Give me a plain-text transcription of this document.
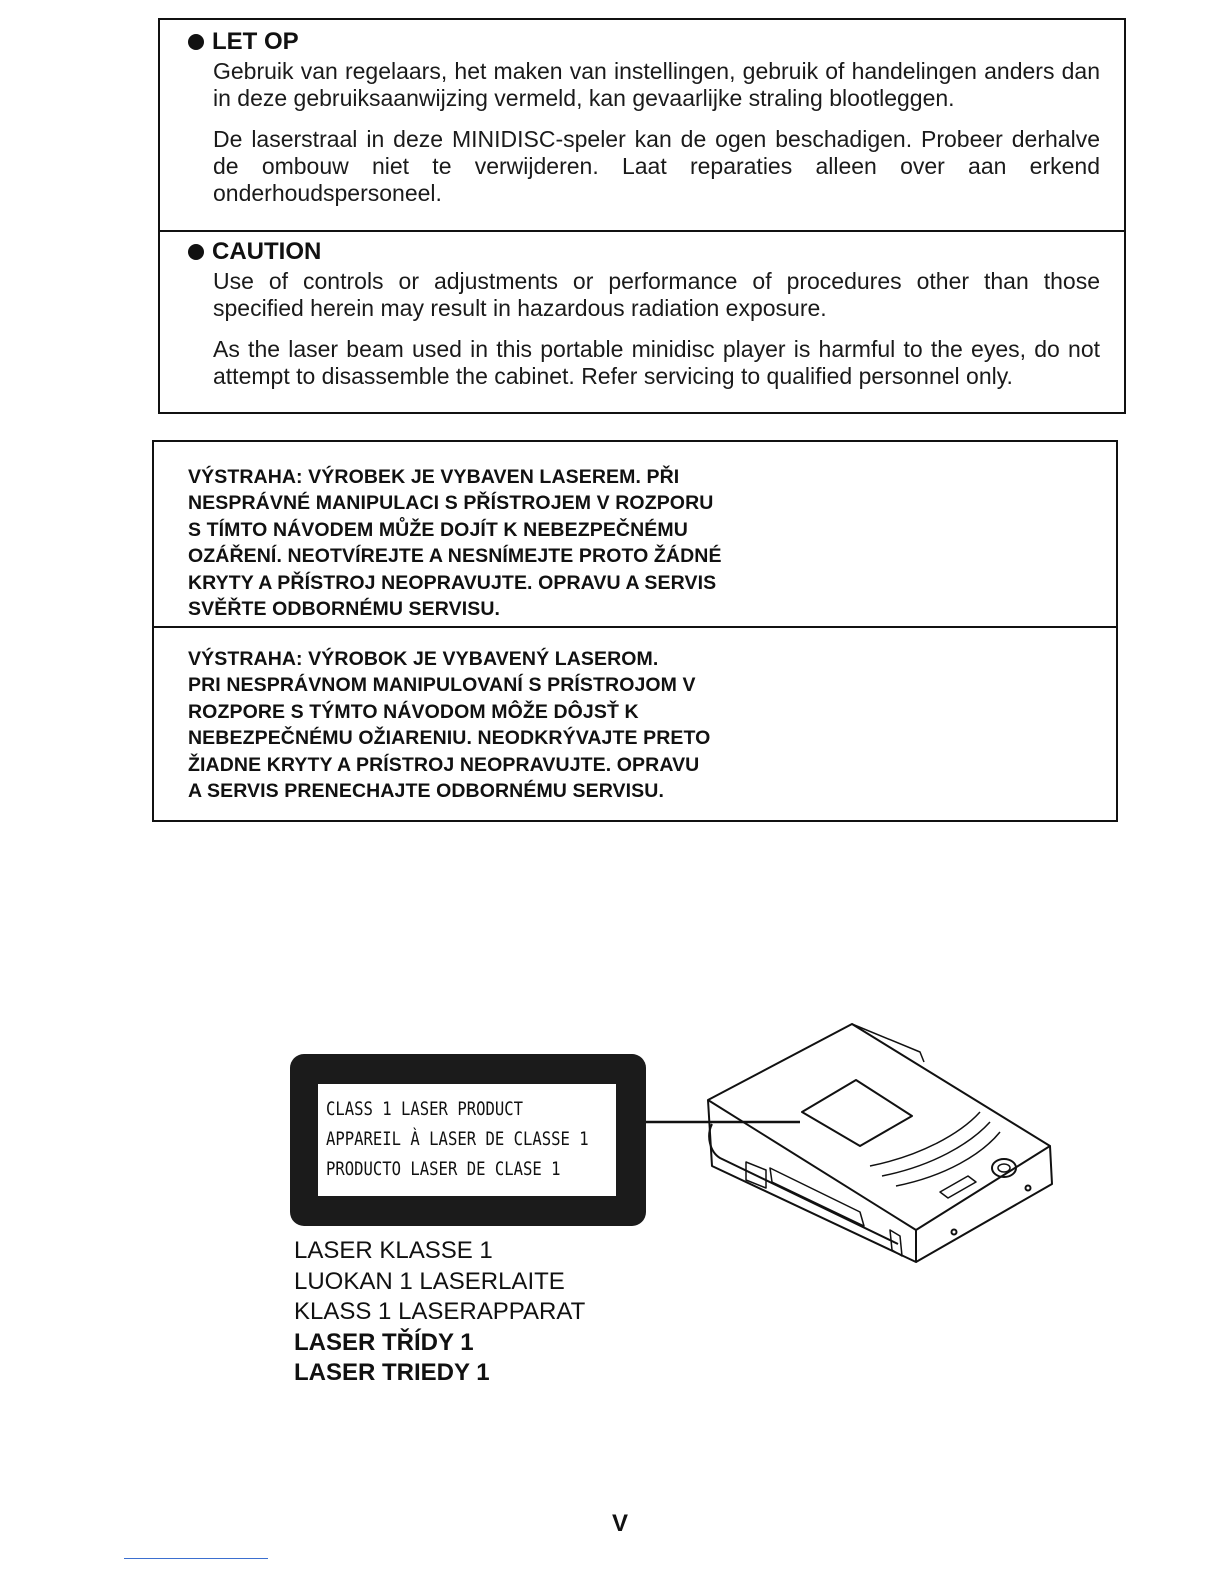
LET OP

Gebruik van regelaars, het maken van instellingen, gebruik of handelingen anders dan in deze gebruiksaanwijzing vermeld, kan gevaarlijke straling blootleggen.

De laserstraal in deze MINIDISC-speler kan de ogen beschadigen. Probeer derhalve de ombouw niet te verwijderen. Laat reparaties alleen over aan erkend onderhoudspersoneel.

CAUTION

Use of controls or adjustments or performance of procedures other than those specified herein may result in hazardous radiation exposure.

As the laser beam used in this portable minidisc player is harmful to the eyes, do not attempt to disassemble the cabinet. Refer servicing to qualified personnel only.

VÝSTRAHA: VÝROBEK JE VYBAVEN LASEREM. PŘI
NESPRÁVNÉ MANIPULACI S PŘÍSTROJEM V ROZPORU
S TÍMTO NÁVODEM MŮŽE DOJÍT K NEBEZPEČNÉMU
OZÁŘENÍ. NEOTVÍREJTE A NESNÍMEJTE PROTO ŽÁDNÉ
KRYTY A PŘÍSTROJ NEOPRAVUJTE. OPRAVU A SERVIS
SVĚŘTE ODBORNÉMU SERVISU.
VÝSTRAHA: VÝROBOK JE VYBAVENÝ LASEROM.
PRI NESPRÁVNOM MANIPULOVANÍ S PRÍSTROJOM V
ROZPORE S TÝMTO NÁVODOM MÔŽE DÔJSŤ K
NEBEZPEČNÉMU OŽIARENIU. NEODKRÝVAJTE PRETO
ŽIADNE KRYTY A PRÍSTROJ NEOPRAVUJTE. OPRAVU
A SERVIS PRENECHAJTE ODBORNÉMU SERVISU.
CLASS 1 LASER PRODUCT
APPAREIL À LASER DE CLASSE 1
PRODUCTO LASER DE CLASE 1
LASER KLASSE 1
LUOKAN 1 LASERLAITE
KLASS 1 LASERAPPARAT
LASER TŘÍDY 1
LASER TRIEDY 1
V
